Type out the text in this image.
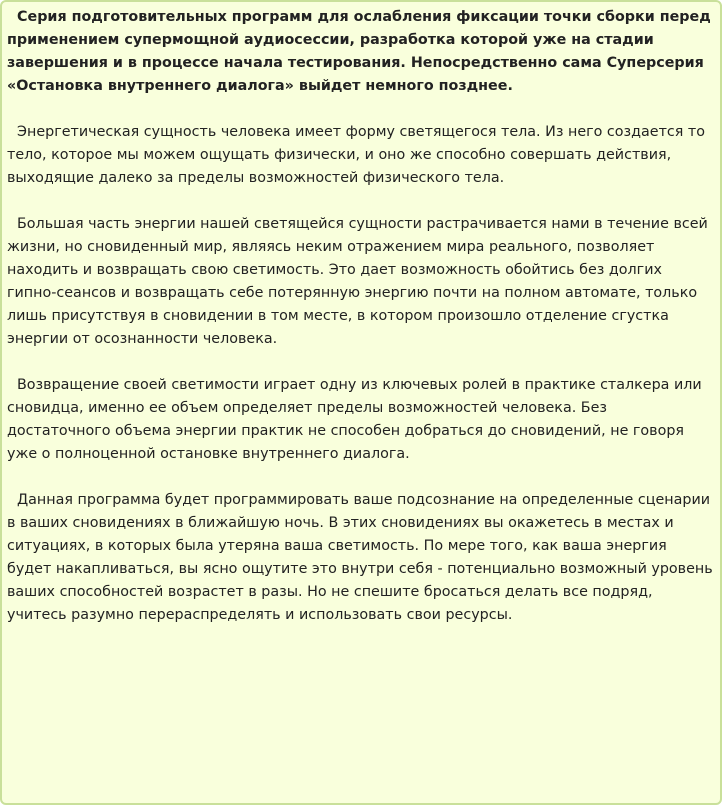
Серия подготовительных программ для ослабления фиксации точки сборки перед применением супермощной аудиосессии, разработка которой уже на стадии завершения и в процессе начала тестирования. Непосредственно сама Суперсерия «Остановка внутреннего диалога» выйдет немного позднее.

Энергетическая сущность человека имеет форму светящегося тела. Из него создается то тело, которое мы можем ощущать физически, и оно же способно совершать действия, выходящие далеко за пределы возможностей физического тела.

Большая часть энергии нашей светящейся сущности растрачивается нами в течение всей жизни, но сновиденный мир, являясь неким отражением мира реального, позволяет находить и возвращать свою светимость. Это дает возможность обойтись без долгих гипно-сеансов и возвращать себе потерянную энергию почти на полном автомате, только лишь присутствуя в сновидении в том месте, в котором произошло отделение сгустка энергии от осознанности человека.

Возвращение своей светимости играет одну из ключевых ролей в практике сталкера или сновидца, именно ее объем определяет пределы возможностей человека. Без достаточного объема энергии практик не способен добраться до сновидений, не говоря уже о полноценной остановке внутреннего диалога.

Данная программа будет программировать ваше подсознание на определенные сценарии в ваших сновидениях в ближайшую ночь. В этих сновидениях вы окажетесь в местах и ситуациях, в которых была утеряна ваша светимость. По мере того, как ваша энергия будет накапливаться, вы ясно ощутите это внутри себя - потенциально возможный уровень ваших способностей возрастет в разы. Но не спешите бросаться делать все подряд, учитесь разумно перераспределять и использовать свои ресурсы.
